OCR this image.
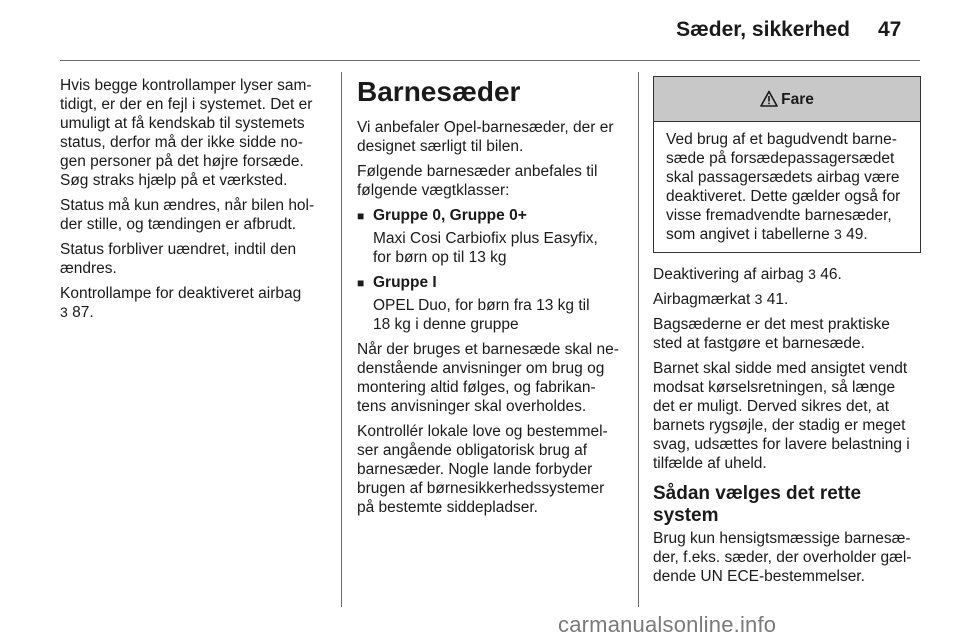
Sæder, sikkerhed 47

Hvis begge kontrollamper lyser sam-
tidigt, er der en fejl i systemet. Det er
umuligt at få kendskab til systemets
status, derfor må der ikke sidde no-
gen personer på det højre forsæde.
Søg straks hjælp på et værksted.

Status må kun ændres, når bilen hol-
der stille, og tændingen er afbrudt.

Status forbliver uændret, indtil den
ændres.

Kontrollampe for deaktiveret airbag
3 87.

Barnesæder

Vi anbefaler Opel-barnesæder, der er
designet særligt til bilen.

Følgende barnesæder anbefales til
følgende vægtklasser:

■ Gruppe 0, Gruppe 0+
Maxi Cosi Carbiofix plus Easyfix,
for børn op til 13 kg
■ Gruppe I
OPEL Duo, for børn fra 13 kg til
18 kg i denne gruppe

Når der bruges et barnesæde skal ne-
denstående anvisninger om brug og
montering altid følges, og fabrikan-
tens anvisninger skal overholdes.

Kontrollér lokale love og bestemmel-
ser angående obligatorisk brug af
barnesæder. Nogle lande forbyder
brugen af børnesikkerhedssystemer
på bestemte siddepladser.

Fare
Ved brug af et bagudvendt barne-
sæde på forsædepassagersædet
skal passagersædets airbag være
deaktiveret. Dette gælder også for
visse fremadvendte barnesæder,
som angivet i tabellerne 3 49.

Deaktivering af airbag 3 46.

Airbagmærkat 3 41.

Bagsæderne er det mest praktiske
sted at fastgøre et barnesæde.

Barnet skal sidde med ansigtet vendt
modsat kørselsretningen, så længe
det er muligt. Derved sikres det, at
barnets rygsøjle, der stadig er meget
svag, udsættes for lavere belastning i
tilfælde af uheld.

Sådan vælges det rette system

Brug kun hensigtsmæssige barnesæ-
der, f.eks. sæder, der overholder gæl-
dende UN ECE-bestemmelser.

carmanualsonline.info
